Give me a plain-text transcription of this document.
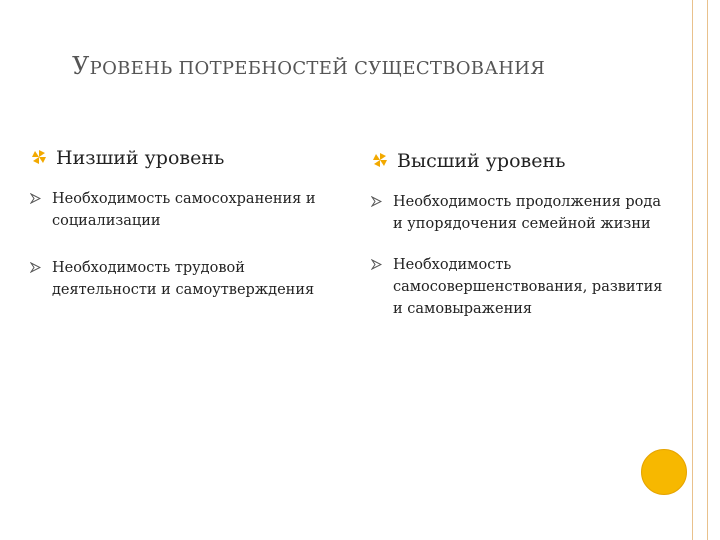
УРОВЕНЬ ПОТРЕБНОСТЕЙ СУЩЕСТВОВАНИЯ
Низший уровень
Необходимость самосохранения и социализации
Необходимость трудовой деятельности и самоутверждения
Высший уровень
Необходимость продолжения рода и упорядочения семейной жизни
Необходимость самосовершенствования, развития и самовыражения
